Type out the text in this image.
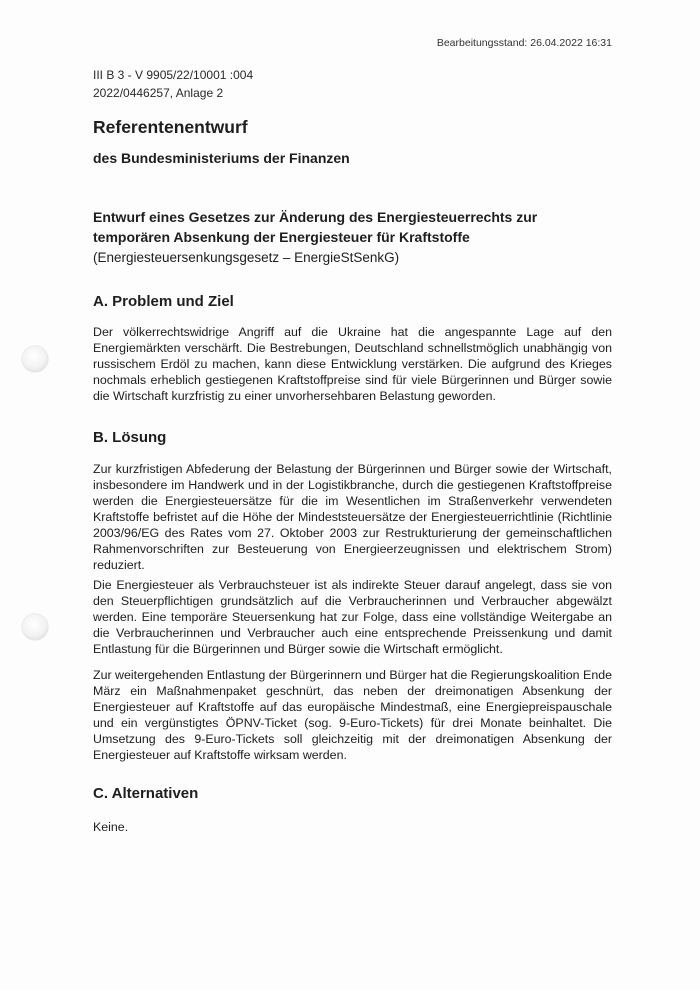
Bearbeitungsstand: 26.04.2022 16:31
III B 3 - V 9905/22/10001 :004
2022/0446257, Anlage 2
Referentenentwurf
des Bundesministeriums der Finanzen
Entwurf eines Gesetzes zur Änderung des Energiesteuerrechts zur temporären Absenkung der Energiesteuer für Kraftstoffe

(Energiesteuersenkungsgesetz – EnergieStSenkG)

A. Problem und Ziel

Der völkerrechtswidrige Angriff auf die Ukraine hat die angespannte Lage auf den Energiemärkten verschärft. Die Bestrebungen, Deutschland schnellstmöglich unabhängig von russischem Erdöl zu machen, kann diese Entwicklung verstärken. Die aufgrund des Krieges nochmals erheblich gestiegenen Kraftstoffpreise sind für viele Bürgerinnen und Bürger sowie die Wirtschaft kurzfristig zu einer unvorhersehbaren Belastung geworden.

B. Lösung

Zur kurzfristigen Abfederung der Belastung der Bürgerinnen und Bürger sowie der Wirtschaft, insbesondere im Handwerk und in der Logistikbranche, durch die gestiegenen Kraftstoffpreise werden die Energiesteuersätze für die im Wesentlichen im Straßenverkehr verwendeten Kraftstoffe befristet auf die Höhe der Mindeststeuersätze der Energiesteuerrichtlinie (Richtlinie 2003/96/EG des Rates vom 27. Oktober 2003 zur Restrukturierung der gemeinschaftlichen Rahmenvorschriften zur Besteuerung von Energieerzeugnissen und elektrischem Strom) reduziert.

Die Energiesteuer als Verbrauchsteuer ist als indirekte Steuer darauf angelegt, dass sie von den Steuerpflichtigen grundsätzlich auf die Verbraucherinnen und Verbraucher abgewälzt werden. Eine temporäre Steuersenkung hat zur Folge, dass eine vollständige Weitergabe an die Verbraucherinnen und Verbraucher auch eine entsprechende Preissenkung und damit Entlastung für die Bürgerinnen und Bürger sowie die Wirtschaft ermöglicht.

Zur weitergehenden Entlastung der Bürgerinnern und Bürger hat die Regierungskoalition Ende März ein Maßnahmenpaket geschnürt, das neben der dreimonatigen Absenkung der Energiesteuer auf Kraftstoffe auf das europäische Mindestmaß, eine Energiepreispauschale und ein vergünstigtes ÖPNV-Ticket (sog. 9-Euro-Tickets) für drei Monate beinhaltet. Die Umsetzung des 9-Euro-Tickets soll gleichzeitig mit der dreimonatigen Absenkung der Energiesteuer auf Kraftstoffe wirksam werden.

C. Alternativen

Keine.
